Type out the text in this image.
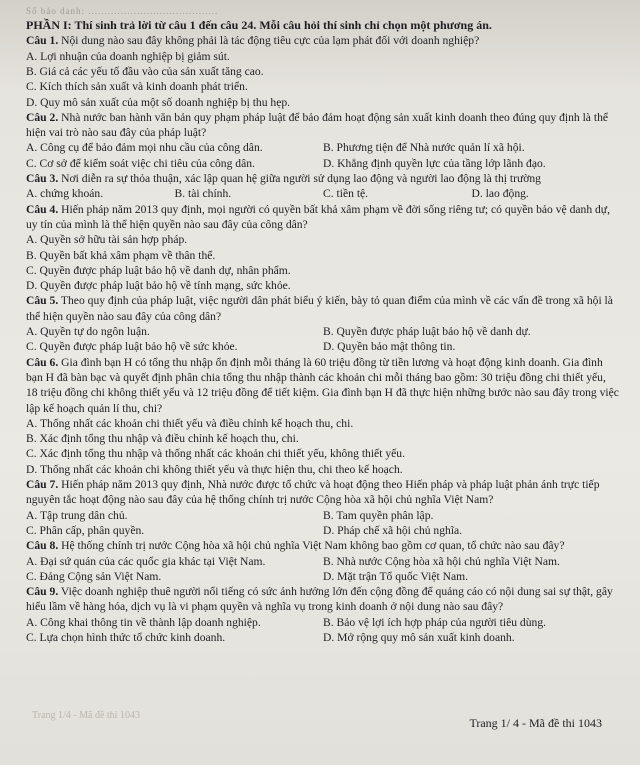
Số báo danh: ........................................
PHẦN I: Thí sinh trả lời từ câu 1 đến câu 24. Mỗi câu hỏi thí sinh chỉ chọn một phương án.
Câu 1. Nội dung nào sau đây không phải là tác động tiêu cực của lạm phát đối với doanh nghiệp?
A. Lợi nhuận của doanh nghiệp bị giảm sút.
B. Giá cả các yếu tố đầu vào của sản xuất tăng cao.
C. Kích thích sản xuất và kinh doanh phát triển.
D. Quy mô sản xuất của một số doanh nghiệp bị thu hẹp.
Câu 2. Nhà nước ban hành văn bản quy phạm pháp luật để bảo đảm hoạt động sản xuất kinh doanh theo đúng quy định là thể hiện vai trò nào sau đây của pháp luật?
A. Công cụ để bảo đảm mọi nhu cầu của công dân.	B. Phương tiện để Nhà nước quản lí xã hội.
C. Cơ sở để kiểm soát việc chi tiêu của công dân.	D. Khẳng định quyền lực của tầng lớp lãnh đạo.
Câu 3. Nơi diễn ra sự thỏa thuận, xác lập quan hệ giữa người sử dụng lao động và người lao động là thị trường
A. chứng khoán.	B. tài chính.	C. tiền tệ.	D. lao động.
Câu 4. Hiến pháp năm 2013 quy định, mọi người có quyền bất khả xâm phạm về đời sống riêng tư; có quyền bảo vệ danh dự, uy tín của mình là thể hiện quyền nào sau đây của công dân?
A. Quyền sở hữu tài sản hợp pháp.
B. Quyền bất khả xâm phạm về thân thể.
C. Quyền được pháp luật bảo hộ về danh dự, nhân phẩm.
D. Quyền được pháp luật bảo hộ về tính mạng, sức khỏe.
Câu 5. Theo quy định của pháp luật, việc người dân phát biểu ý kiến, bày tỏ quan điểm của mình về các vấn đề trong xã hội là thể hiện quyền nào sau đây của công dân?
A. Quyền tự do ngôn luận.	B. Quyền được pháp luật bảo hộ về danh dự.
C. Quyền được pháp luật bảo hộ về sức khỏe.	D. Quyền bảo mật thông tin.
Câu 6. Gia đình bạn H có tổng thu nhập ổn định mỗi tháng là 60 triệu đồng từ tiền lương và hoạt động kinh doanh. Gia đình bạn H đã bàn bạc và quyết định phân chia tổng thu nhập thành các khoản chi mỗi tháng bao gồm: 30 triệu đồng chi thiết yếu, 18 triệu đồng chi không thiết yếu và 12 triệu đồng để tiết kiệm. Gia đình bạn H đã thực hiện những bước nào sau đây trong việc lập kế hoạch quản lí thu, chi?
A. Thống nhất các khoản chi thiết yếu và điều chỉnh kế hoạch thu, chi.
B. Xác định tổng thu nhập và điều chỉnh kế hoạch thu, chi.
C. Xác định tổng thu nhập và thống nhất các khoản chi thiết yếu, không thiết yếu.
D. Thống nhất các khoản chi không thiết yếu và thực hiện thu, chi theo kế hoạch.
Câu 7. Hiến pháp năm 2013 quy định, Nhà nước được tổ chức và hoạt động theo Hiến pháp và pháp luật phản ánh trực tiếp nguyên tắc hoạt động nào sau đây của hệ thống chính trị nước Cộng hòa xã hội chủ nghĩa Việt Nam?
A. Tập trung dân chủ.	B. Tam quyền phân lập.
C. Phân cấp, phân quyền.	D. Pháp chế xã hội chủ nghĩa.
Câu 8. Hệ thống chính trị nước Cộng hòa xã hội chủ nghĩa Việt Nam không bao gồm cơ quan, tổ chức nào sau đây?
A. Đại sứ quán của các quốc gia khác tại Việt Nam.	B. Nhà nước Cộng hòa xã hội chủ nghĩa Việt Nam.
C. Đảng Cộng sản Việt Nam.	D. Mặt trận Tổ quốc Việt Nam.
Câu 9. Việc doanh nghiệp thuê người nổi tiếng có sức ảnh hưởng lớn đến cộng đồng để quảng cáo có nội dung sai sự thật, gây hiểu lầm về hàng hóa, dịch vụ là vi phạm quyền và nghĩa vụ trong kinh doanh ở nội dung nào sau đây?
A. Công khai thông tin về thành lập doanh nghiệp.	B. Bảo vệ lợi ích hợp pháp của người tiêu dùng.
C. Lựa chọn hình thức tổ chức kinh doanh.	D. Mở rộng quy mô sản xuất kinh doanh.
Trang 1/4 - Mã đề thi 1043
Trang 1/ 4 - Mã đề thi 1043
